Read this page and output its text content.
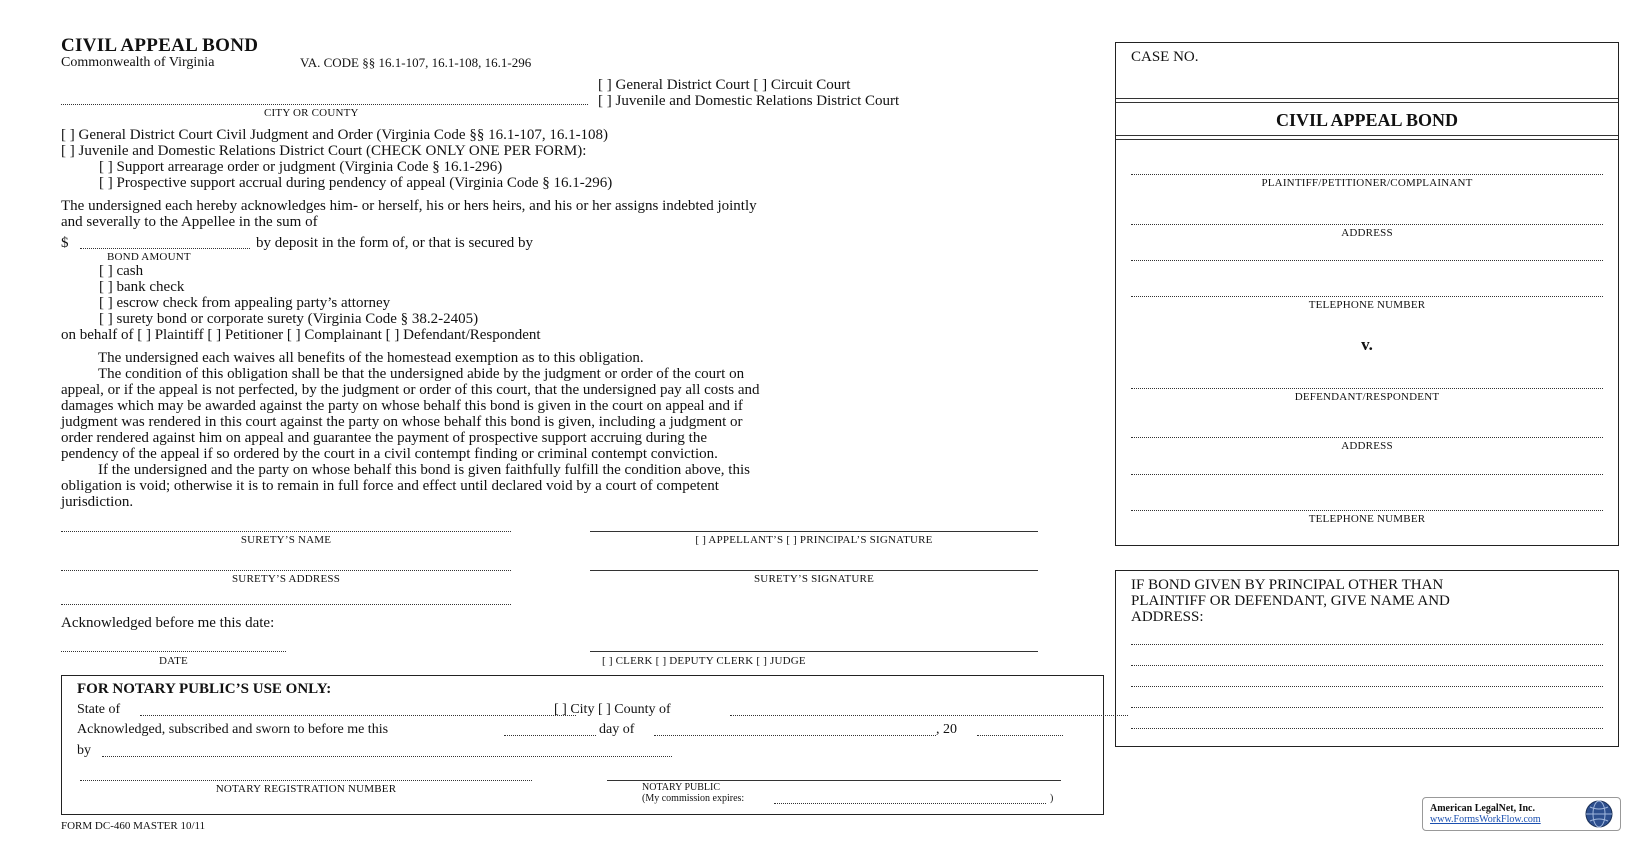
CIVIL APPEAL BOND
Commonwealth of Virginia	VA. CODE §§ 16.1-107, 16.1-108, 16.1-296
[ ] General District Court [ ] Circuit Court
[ ] Juvenile and Domestic Relations District Court
CITY OR COUNTY
[ ] General District Court Civil Judgment and Order (Virginia Code §§ 16.1-107, 16.1-108)
[ ] Juvenile and Domestic Relations District Court (CHECK ONLY ONE PER FORM):
[ ] Support arrearage order or judgment (Virginia Code § 16.1-296)
[ ] Prospective support accrual during pendency of appeal (Virginia Code § 16.1-296)
The undersigned each hereby acknowledges him- or herself, his or hers heirs, and his or her assigns indebted jointly
and severally to the Appellee in the sum of
$	by deposit in the form of, or that is secured by
BOND AMOUNT
[ ] cash
[ ] bank check
[ ] escrow check from appealing party’s attorney
[ ] surety bond or corporate surety (Virginia Code § 38.2-2405)
on behalf of [ ] Plaintiff [ ] Petitioner [ ] Complainant [ ] Defendant/Respondent
The undersigned each waives all benefits of the homestead exemption as to this obligation.
The condition of this obligation shall be that the undersigned abide by the judgment or order of the court on
appeal, or if the appeal is not perfected, by the judgment or order of this court, that the undersigned pay all costs and
damages which may be awarded against the party on whose behalf this bond is given in the court on appeal and if
judgment was rendered in this court against the party on whose behalf this bond is given, including a judgment or
order rendered against him on appeal and guarantee the payment of prospective support accruing during the
pendency of the appeal if so ordered by the court in a civil contempt finding or criminal contempt conviction.
If the undersigned and the party on whose behalf this bond is given faithfully fulfill the condition above, this
obligation is void; otherwise it is to remain in full force and effect until declared void by a court of competent
jurisdiction.
SURETY’S NAME	[ ] APPELLANT’S [ ] PRINCIPAL’S SIGNATURE
SURETY’S ADDRESS	SURETY’S SIGNATURE
Acknowledged before me this date:
DATE	[ ] CLERK [ ] DEPUTY CLERK [ ] JUDGE
FOR NOTARY PUBLIC’S USE ONLY:
State of	[ ] City [ ] County of
Acknowledged, subscribed and sworn to before me this	day of	, 20
by
NOTARY REGISTRATION NUMBER	NOTARY PUBLIC
(My commission expires:	)
FORM DC-460 MASTER 10/11
CASE NO.
CIVIL APPEAL BOND
PLAINTIFF/PETITIONER/COMPLAINANT
ADDRESS
TELEPHONE NUMBER
v.
DEFENDANT/RESPONDENT
ADDRESS
TELEPHONE NUMBER
IF BOND GIVEN BY PRINCIPAL OTHER THAN
PLAINTIFF OR DEFENDANT, GIVE NAME AND
ADDRESS:
American LegalNet, Inc.
www.FormsWorkFlow.com
